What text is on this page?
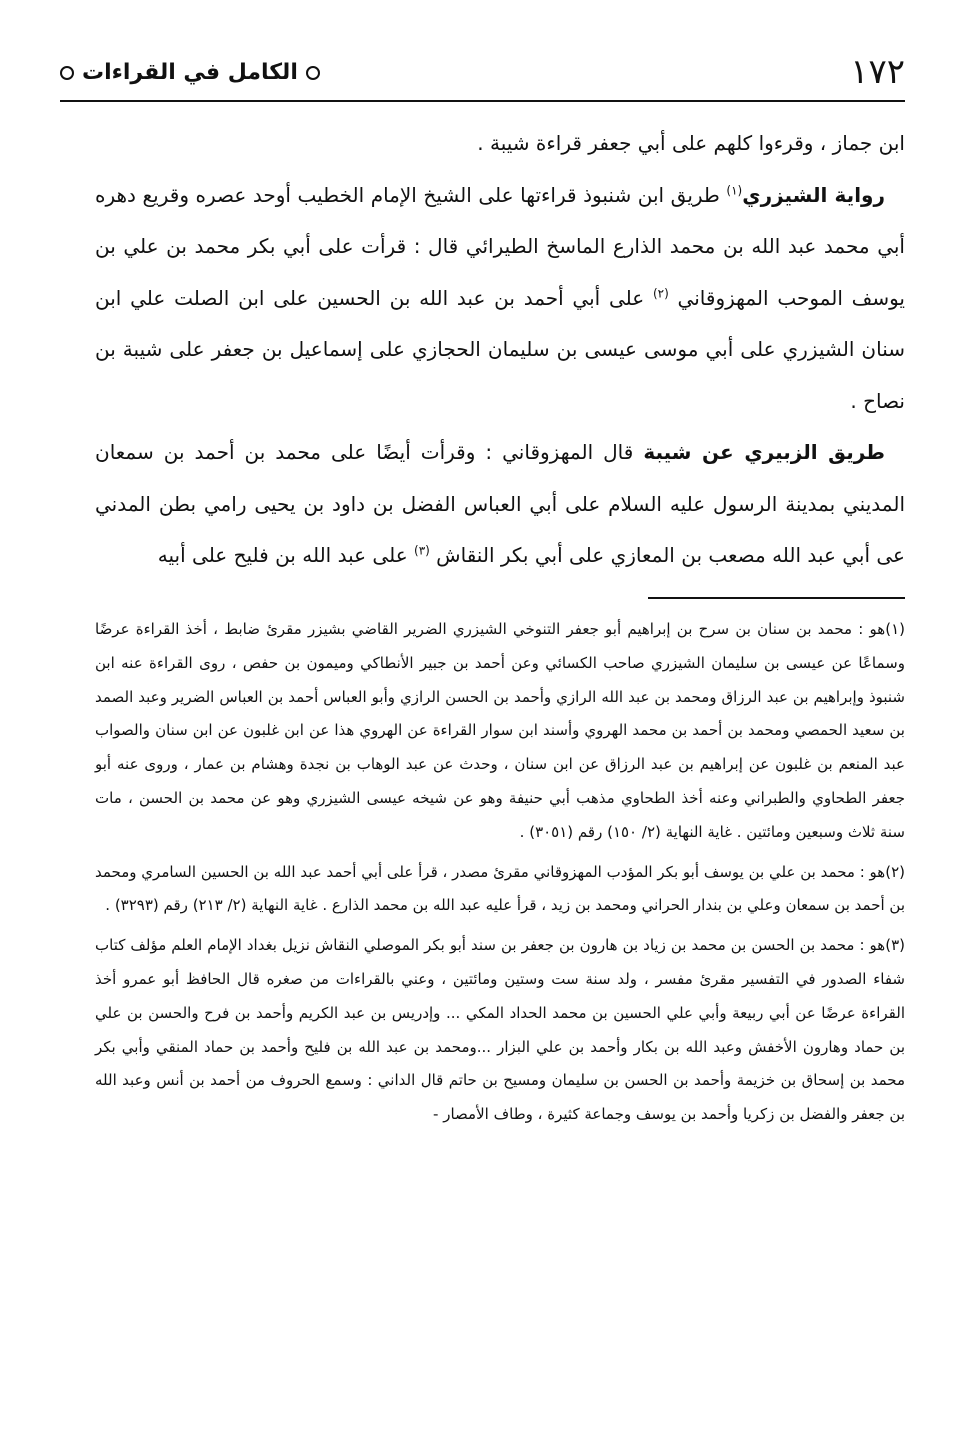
١٧٢
الكامل في القراءات

ابن جماز ، وقرءوا كلهم على أبي جعفر قراءة شيبة .

رواية الشيزري$^{(١)}$ طريق ابن شنبوذ قراءتها على الشيخ الإمام الخطيب أوحد عصره وقريع دهره أبي محمد عبد الله بن محمد الذارع الماسخ الطيرائي قال : قرأت على أبي بكر محمد بن علي بن يوسف الموحب المهزوقاني $^{(٢)}$ على أبي أحمد بن عبد الله بن الحسين على ابن الصلت علي ابن سنان الشيزري على أبي موسى عيسى بن سليمان الحجازي على إسماعيل بن جعفر على شيبة بن نصاح .

طريق الزبيري عن شيبة قال المهزوقاني : وقرأت أيضًا على محمد بن أحمد بن سمعان المديني بمدينة الرسول عليه السلام على أبي العباس الفضل بن داود بن يحيى رامي بطن المدني عى أبي عبد الله مصعب بن المعازي على أبي بكر النقاش $^{(٣)}$ على عبد الله بن فليح على أبيه

(١)هو : محمد بن سنان بن سرح بن إبراهيم أبو جعفر التنوخي الشيزري الضرير القاضي بشيزر مقرئ ضابط ، أخذ القراءة عرضًا وسماعًا عن عيسى بن سليمان الشيزري صاحب الكسائي وعن أحمد بن جبير الأنطاكي وميمون بن حفص ، روى القراءة عنه ابن شنبوذ وإبراهيم بن عبد الرزاق ومحمد بن عبد الله الرازي وأحمد بن الحسن الرازي وأبو العباس أحمد بن العباس الضرير وعبد الصمد بن سعيد الحمصي ومحمد بن أحمد بن محمد الهروي وأسند ابن سوار القراءة عن الهروي هذا عن ابن غلبون عن ابن سنان والصواب عبد المنعم بن غلبون عن إبراهيم بن عبد الرزاق عن ابن سنان ، وحدث عن عبد الوهاب بن نجدة وهشام بن عمار ، وروى عنه أبو جعفر الطحاوي والطبراني وعنه أخذ الطحاوي مذهب أبي حنيفة وهو عن شيخه عيسى الشيزري وهو عن محمد بن الحسن ، مات سنة ثلاث وسبعين ومائتين . غاية النهاية (٢/ ١٥٠) رقم (٣٠٥١) .

(٢)هو : محمد بن علي بن يوسف أبو بكر المؤدب المهزوقاني مقرئ مصدر ، قرأ على أبي أحمد عبد الله بن الحسين السامري ومحمد بن أحمد بن سمعان وعلي بن بندار الحراني ومحمد بن زيد ، قرأ عليه عبد الله بن محمد الذارع . غاية النهاية (٢/ ٢١٣) رقم (٣٢٩٣) .

(٣)هو : محمد بن الحسن بن محمد بن زياد بن هارون بن جعفر بن سند أبو بكر الموصلي النقاش نزيل بغداد الإمام العلم مؤلف كتاب شفاء الصدور في التفسير مقرئ مفسر ، ولد سنة ست وستين ومائتين ، وعني بالقراءات من صغره قال الحافظ أبو عمرو أخذ القراءة عرضًا عن أبي ربيعة وأبي علي الحسين بن محمد الحداد المكي ... وإدريس بن عبد الكريم وأحمد بن فرح والحسن بن علي بن حماد وهارون الأخفش وعبد الله بن بكار وأحمد بن علي البزار ...ومحمد بن عبد الله بن فليح وأحمد بن حماد المنقي وأبي بكر محمد بن إسحاق بن خزيمة وأحمد بن الحسن بن سليمان ومسيح بن حاتم قال الداني : وسمع الحروف من أحمد بن أنس وعبد الله بن جعفر والفضل بن زكريا وأحمد بن يوسف وجماعة كثيرة ، وطاف الأمصار -
